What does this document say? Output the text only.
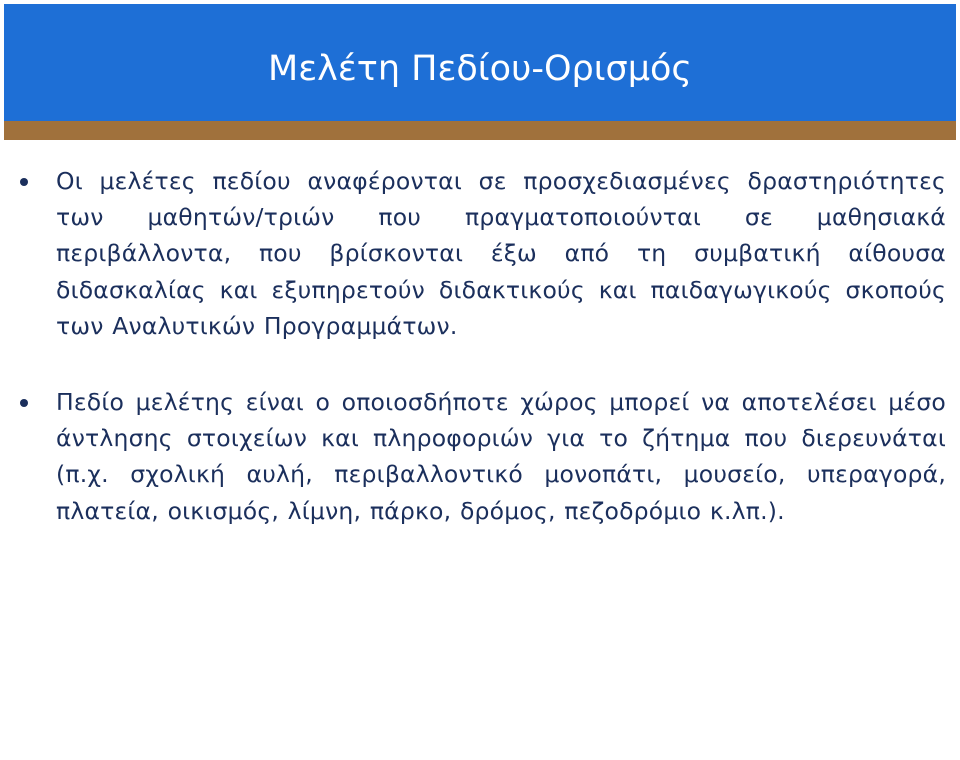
Μελέτη Πεδίου-Ορισμός
Οι μελέτες πεδίου αναφέρονται σε προσχεδιασμένες δραστηριότητες των μαθητών/τριών που πραγματοποιούνται σε μαθησιακά περιβάλλοντα, που βρίσκονται έξω από τη συμβατική αίθουσα διδασκαλίας και εξυπηρετούν διδακτικούς και παιδαγωγικούς σκοπούς των Αναλυτικών Προγραμμάτων.
Πεδίο μελέτης είναι ο οποιοσδήποτε χώρος μπορεί να αποτελέσει μέσο άντλησης στοιχείων και πληροφοριών για το ζήτημα που διερευνάται (π.χ. σχολική αυλή, περιβαλλοντικό μονοπάτι, μουσείο, υπεραγορά, πλατεία, οικισμός, λίμνη, πάρκο, δρόμος, πεζοδρόμιο κ.λπ.).
Ομάδα Περιβαλλοντικής Εκπαίδευσης,
Παιδαγωγικό Ινστιτούτο,
Φεβρουάριος - Μάρτιος 2013
